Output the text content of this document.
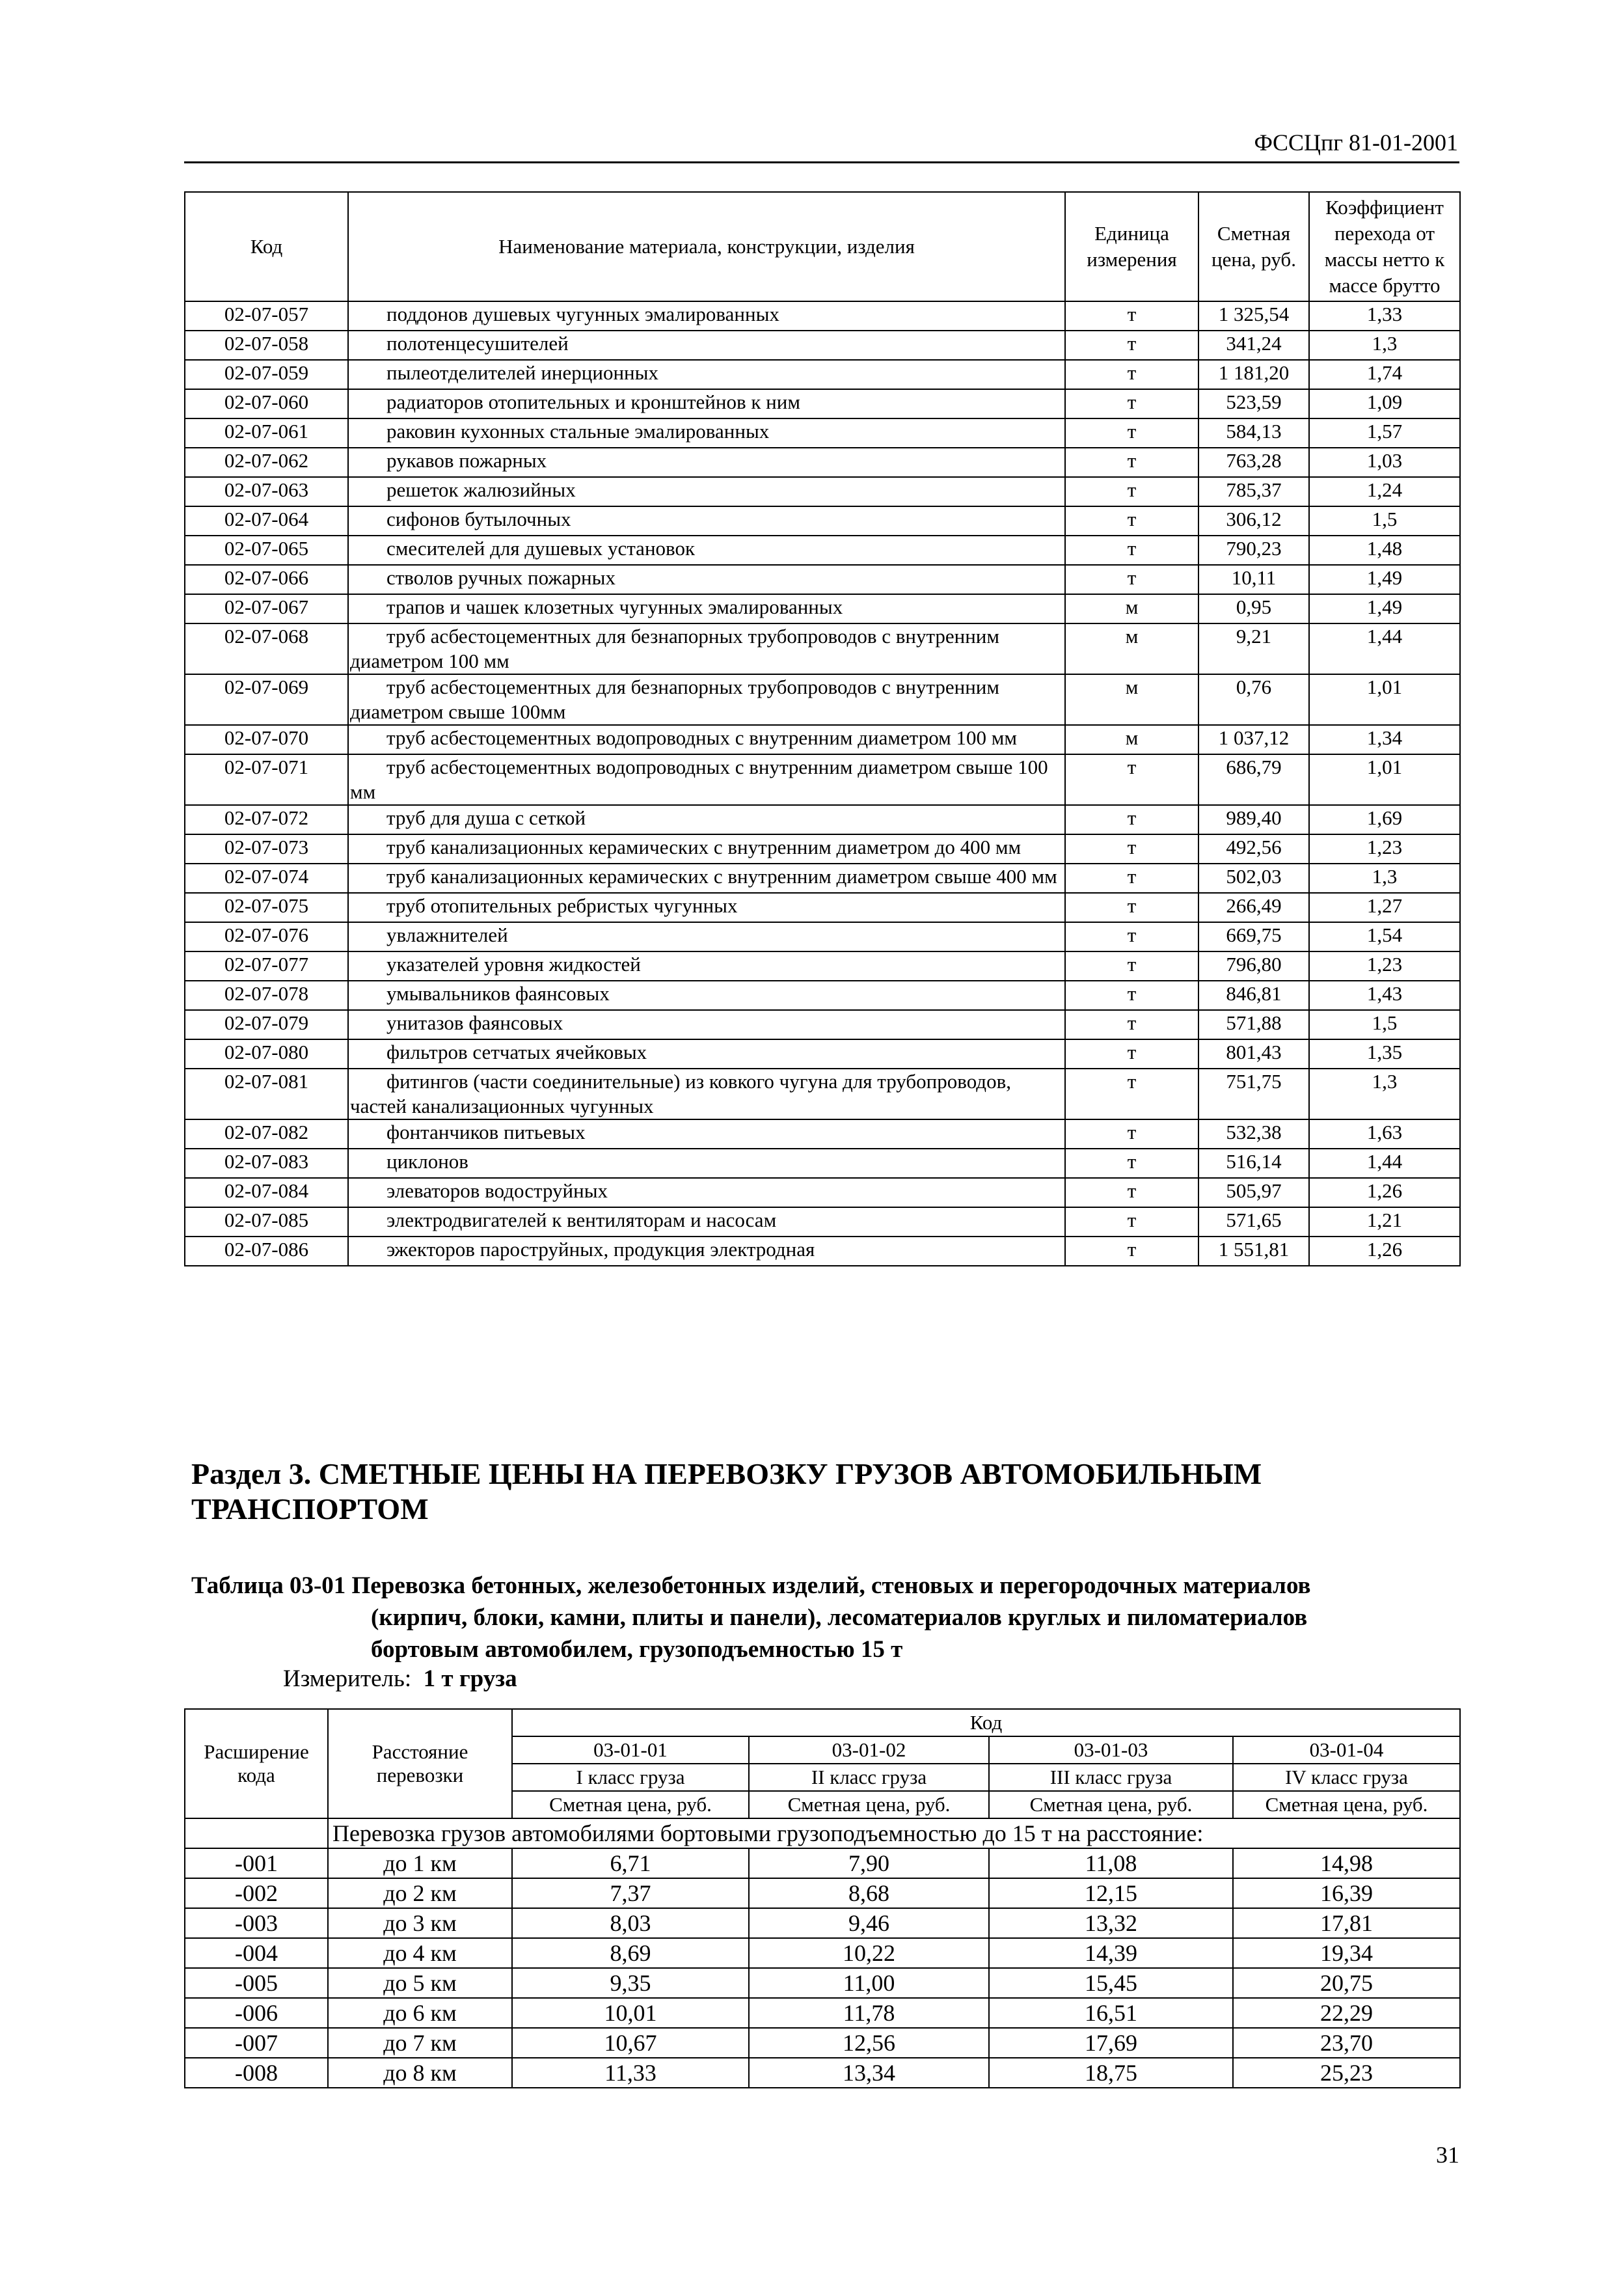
ФССЦпг 81-01-2001
Код	Наименование материала, конструкции, изделия	Единица измерения	Сметная цена, руб.	Коэффициент перехода от массы нетто к массе брутто
02-07-057	поддонов душевых чугунных эмалированных	т	1 325,54	1,33
02-07-058	полотенцесушителей	т	341,24	1,3
02-07-059	пылеотделителей инерционных	т	1 181,20	1,74
02-07-060	радиаторов отопительных и кронштейнов к ним	т	523,59	1,09
02-07-061	раковин кухонных стальные эмалированных	т	584,13	1,57
02-07-062	рукавов пожарных	т	763,28	1,03
02-07-063	решеток жалюзийных	т	785,37	1,24
02-07-064	сифонов бутылочных	т	306,12	1,5
02-07-065	смесителей для душевых установок	т	790,23	1,48
02-07-066	стволов ручных пожарных	т	10,11	1,49
02-07-067	трапов и чашек клозетных чугунных эмалированных	м	0,95	1,49
02-07-068	труб асбестоцементных для безнапорных трубопроводов с внутренним диаметром 100 мм	м	9,21	1,44
02-07-069	труб асбестоцементных для безнапорных трубопроводов с внутренним диаметром свыше 100мм	м	0,76	1,01
02-07-070	труб асбестоцементных водопроводных с внутренним диаметром 100 мм	м	1 037,12	1,34
02-07-071	труб асбестоцементных водопроводных с внутренним диаметром свыше 100 мм	т	686,79	1,01
02-07-072	труб для душа с сеткой	т	989,40	1,69
02-07-073	труб канализационных керамических с внутренним диаметром до 400 мм	т	492,56	1,23
02-07-074	труб канализационных керамических с внутренним диаметром свыше 400 мм	т	502,03	1,3
02-07-075	труб отопительных ребристых чугунных	т	266,49	1,27
02-07-076	увлажнителей	т	669,75	1,54
02-07-077	указателей уровня жидкостей	т	796,80	1,23
02-07-078	умывальников фаянсовых	т	846,81	1,43
02-07-079	унитазов фаянсовых	т	571,88	1,5
02-07-080	фильтров сетчатых ячейковых	т	801,43	1,35
02-07-081	фитингов (части соединительные) из ковкого чугуна для трубопроводов, частей канализационных чугунных	т	751,75	1,3
02-07-082	фонтанчиков питьевых	т	532,38	1,63
02-07-083	циклонов	т	516,14	1,44
02-07-084	элеваторов водоструйных	т	505,97	1,26
02-07-085	электродвигателей к вентиляторам и насосам	т	571,65	1,21
02-07-086	эжекторов пароструйных, продукция электродная	т	1 551,81	1,26
Раздел 3. СМЕТНЫЕ ЦЕНЫ НА ПЕРЕВОЗКУ ГРУЗОВ АВТОМОБИЛЬНЫМ ТРАНСПОРТОМ
Таблица 03-01 Перевозка бетонных, железобетонных изделий, стеновых и перегородочных материалов
(кирпич, блоки, камни, плиты и панели), лесоматериалов круглых и пиломатериалов
бортовым автомобилем, грузоподъемностью 15 т
Измеритель: 1 т груза
Расширение кода	Расстояние перевозки	Код			
		03-01-01	03-01-02	03-01-03	03-01-04
		I класс груза	II класс груза	III класс груза	IV класс груза
		Сметная цена, руб.	Сметная цена, руб.	Сметная цена, руб.	Сметная цена, руб.
	Перевозка грузов автомобилями бортовыми грузоподъемностью до 15 т на расстояние:				
-001	до 1 км	6,71	7,90	11,08	14,98
-002	до 2 км	7,37	8,68	12,15	16,39
-003	до 3 км	8,03	9,46	13,32	17,81
-004	до 4 км	8,69	10,22	14,39	19,34
-005	до 5 км	9,35	11,00	15,45	20,75
-006	до 6 км	10,01	11,78	16,51	22,29
-007	до 7 км	10,67	12,56	17,69	23,70
-008	до 8 км	11,33	13,34	18,75	25,23
31
